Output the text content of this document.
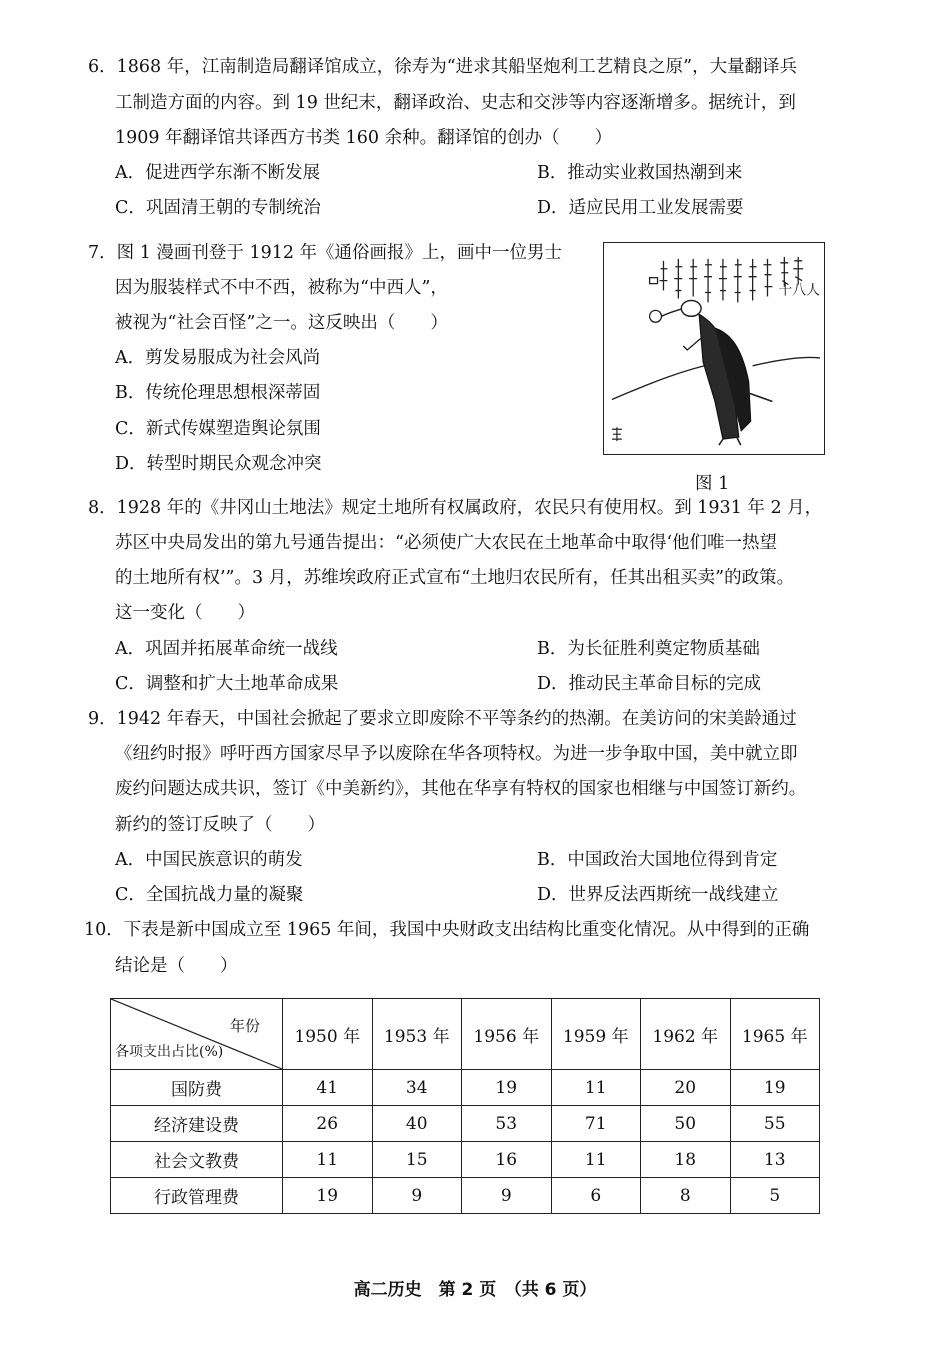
6．1868 年，江南制造局翻译馆成立，徐寿为“进求其船坚炮利工艺精良之原”，大量翻译兵
工制造方面的内容。到 19 世纪末，翻译政治、史志和交涉等内容逐渐增多。据统计，到
1909 年翻译馆共译西方书类 160 余种。翻译馆的创办（　　）
A．促进西学东渐不断发展	B．推动实业救国热潮到来
C．巩固清王朝的专制统治	D．适应民用工业发展需要
7．图 1 漫画刊登于 1912 年《通俗画报》上，画中一位男士
因为服装样式不中不西，被称为“中西人”，
被视为“社会百怪”之一。这反映出（　　）
A．剪发易服成为社会风尚
B．传统伦理思想根深蒂固
C．新式传媒塑造舆论氛围
D．转型时期民众观念冲突
十八人
图 1
8．1928 年的《井冈山土地法》规定土地所有权属政府，农民只有使用权。到 1931 年 2 月，
苏区中央局发出的第九号通告提出：“必须使广大农民在土地革命中取得‘他们唯一热望
的土地所有权’”。3 月，苏维埃政府正式宣布“土地归农民所有，任其出租买卖”的政策。
这一变化（　　）
A．巩固并拓展革命统一战线	B．为长征胜利奠定物质基础
C．调整和扩大土地革命成果	D．推动民主革命目标的完成
9．1942 年春天，中国社会掀起了要求立即废除不平等条约的热潮。在美访问的宋美龄通过
《纽约时报》呼吁西方国家尽早予以废除在华各项特权。为进一步争取中国，美中就立即
废约问题达成共识，签订《中美新约》，其他在华享有特权的国家也相继与中国签订新约。
新约的签订反映了（　　）
A．中国民族意识的萌发	B．中国政治大国地位得到肯定
C．全国抗战力量的凝聚	D．世界反法西斯统一战线建立
10．下表是新中国成立至 1965 年间，我国中央财政支出结构比重变化情况。从中得到的正确
结论是（　　）
年份
各项支出占比(%)	1950 年	1953 年	1956 年	1959 年	1962 年	1965 年
国防费	41	34	19	11	20	19
经济建设费	26	40	53	71	50	55
社会文教费	11	15	16	11	18	13
行政管理费	19	9	9	6	8	5
高二历史　第 2 页　（共 6 页）
